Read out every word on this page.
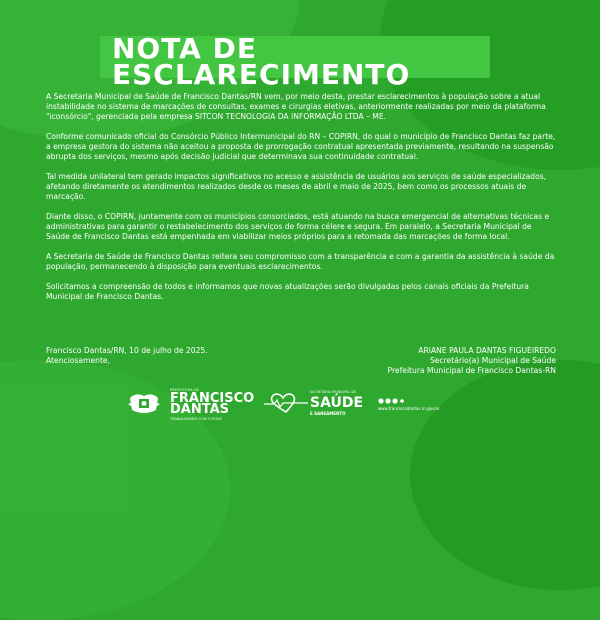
NOTA DE
ESCLARECIMENTO

A Secretaria Municipal de Saúde de Francisco Dantas/RN vem, por meio desta, prestar esclarecimentos à população sobre a atual instabilidade no sistema de marcações de consultas, exames e cirurgias eletivas, anteriormente realizadas por meio da plataforma "iconsórcio", gerenciada pela empresa SITCON TECNOLOGIA DA INFORMAÇÃO LTDA – ME.

Conforme comunicado oficial do Consórcio Público Intermunicipal do RN – COPIRN, do qual o município de Francisco Dantas faz parte, a empresa gestora do sistema não aceitou a proposta de prorrogação contratual apresentada previamente, resultando na suspensão abrupta dos serviços, mesmo após decisão judicial que determinava sua continuidade contratual.

Tal medida unilateral tem gerado impactos significativos no acesso e assistência de usuários aos serviços de saúde especializados, afetando diretamente os atendimentos realizados desde os meses de abril e maio de 2025, bem como os processos atuais de marcação.

Diante disso, o COPIRN, juntamente com os municípios consorciados, está atuando na busca emergencial de alternativas técnicas e administrativas para garantir o restabelecimento dos serviços de forma célere e segura. Em paralelo, a Secretaria Municipal de Saúde de Francisco Dantas está empenhada em viabilizar meios próprios para a retomada das marcações de forma local.

A Secretaria de Saúde de Francisco Dantas reitera seu compromisso com a transparência e com a garantia da assistência à saúde da população, permanecendo à disposição para eventuais esclarecimentos.

Solicitamos a compreensão de todos e informamos que novas atualizações serão divulgadas pelos canais oficiais da Prefeitura Municipal de Francisco Dantas.

Francisco Dantas/RN, 10 de julho de 2025.
Atenciosamente,
ARIANE PAULA DANTAS FIGUEIREDO
Secretário(a) Municipal de Saúde
Prefeitura Municipal de Francisco Dantas-RN
PREFEITURA DE
FRANCISCO
DANTAS
TRABALHANDO COM O POVO
SECRETARIA MUNICIPAL DE
SAÚDE
E SANEAMENTO
www.franciscodantas.rn.gov.br
